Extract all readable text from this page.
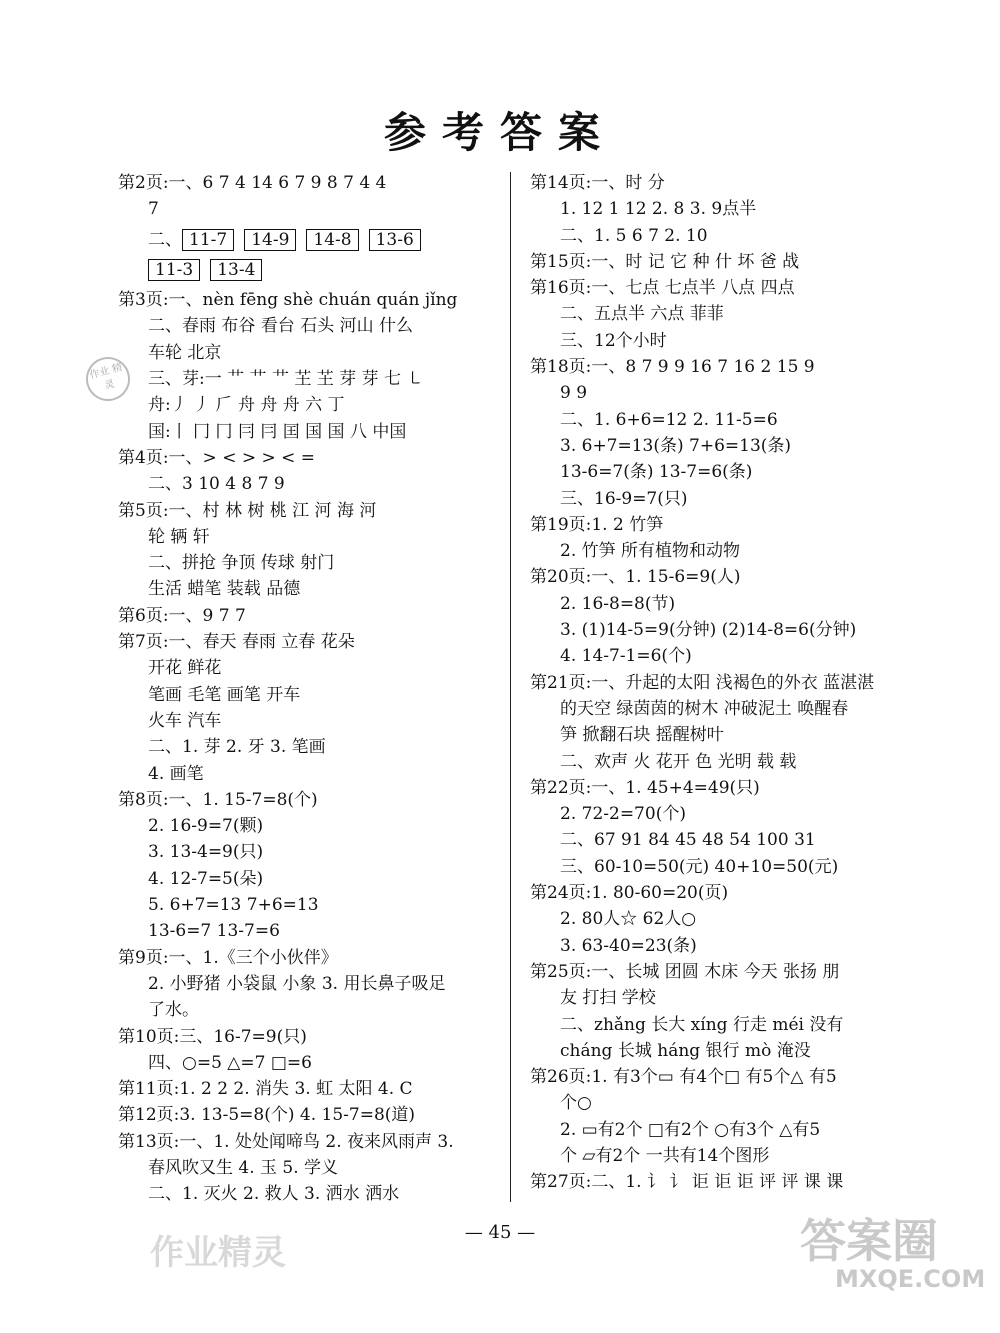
参考答案
第2页:一、6 7 4 14 6 7 9 8 7 4 4
7
二、 11-7 14-9 14-8 13-6
11-3 13-4
第3页:一、nèn fēng shè chuán quán jǐng
二、春雨 布谷 看台 石头 河山 什么
车轮 北京
三、芽:一 艹 艹 艹 芏 芏 芽 芽 七 ㇄
舟:丿 丿 𠂆 舟 舟 舟 六 丁
国:丨 冂 冂 冃 冃 囯 国 国 八 中国
第4页:一、> < > > < =
二、3 10 4 8 7 9
第5页:一、村 林 树 桃 江 河 海 河
轮 辆 轩
二、拼抢 争顶 传球 射门
生活 蜡笔 装载 品德
第6页:一、9 7 7
第7页:一、春天 春雨 立春 花朵
开花 鲜花
笔画 毛笔 画笔 开车
火车 汽车
二、1. 芽 2. 牙 3. 笔画
4. 画笔
第8页:一、1. 15-7=8(个)
2. 16-9=7(颗)
3. 13-4=9(只)
4. 12-7=5(朵)
5. 6+7=13 7+6=13
13-6=7 13-7=6
第9页:一、1.《三个小伙伴》
2. 小野猪 小袋鼠 小象 3. 用长鼻子吸足
了水。
第10页:三、16-7=9(只)
四、○=5 △=7 □=6
第11页:1. 2 2 2. 消失 3. 虹 太阳 4. C
第12页:3. 13-5=8(个) 4. 15-7=8(道)
第13页:一、1. 处处闻啼鸟 2. 夜来风雨声 3.
春风吹又生 4. 玉 5. 学义
二、1. 灭火 2. 救人 3. 洒水 洒水
第14页:一、时 分
1. 12 1 12 2. 8 3. 9点半
二、1. 5 6 7 2. 10
第15页:一、时 记 它 种 什 坏 爸 战
第16页:一、七点 七点半 八点 四点
二、五点半 六点 菲菲
三、12个小时
第18页:一、8 7 9 9 16 7 16 2 15 9
9 9
二、1. 6+6=12 2. 11-5=6
3. 6+7=13(条) 7+6=13(条)
13-6=7(条) 13-7=6(条)
三、16-9=7(只)
第19页:1. 2 竹笋
2. 竹笋 所有植物和动物
第20页:一、1. 15-6=9(人)
2. 16-8=8(节)
3. (1)14-5=9(分钟) (2)14-8=6(分钟)
4. 14-7-1=6(个)
第21页:一、升起的太阳 浅褐色的外衣 蓝湛湛
的天空 绿茵茵的树木 冲破泥土 唤醒春
笋 掀翻石块 摇醒树叶
二、欢声 火 花开 色 光明 载 载
第22页:一、1. 45+4=49(只)
2. 72-2=70(个)
二、67 91 84 45 48 54 100 31
三、60-10=50(元) 40+10=50(元)
第24页:1. 80-60=20(页)
2. 80人☆ 62人○
3. 63-40=23(条)
第25页:一、长城 团圆 木床 今天 张扬 朋
友 打扫 学校
二、zhǎng 长大 xíng 行走 méi 没有
cháng 长城 háng 银行 mò 淹没
第26页:1. 有3个▭ 有4个□ 有5个△ 有5
个○
2. ▭有2个 □有2个 ○有3个 △有5
个 ▱有2个 一共有14个图形
第27页:二、1. 讠 讠 讵 讵 讵 评 评 课 课
— 45 —
作业 精灵
作业精灵	答案圈
MXQE.COM
